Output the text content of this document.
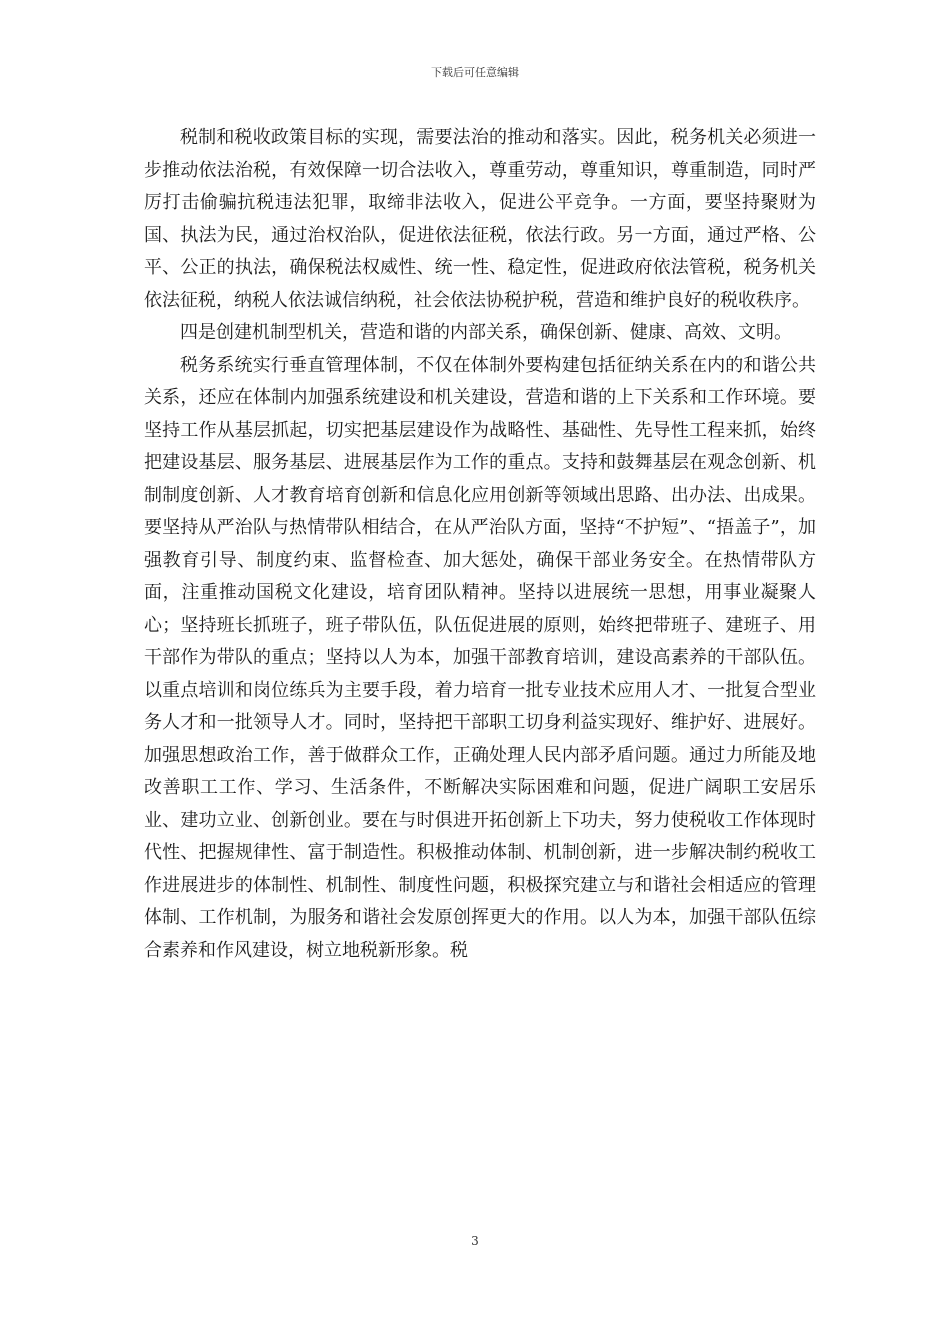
下载后可任意编辑

税制和税收政策目标的实现，需要法治的推动和落实。因此，税务机关必须进一步推动依法治税，有效保障一切合法收入，尊重劳动，尊重知识，尊重制造，同时严厉打击偷骗抗税违法犯罪，取缔非法收入，促进公平竞争。一方面，要坚持聚财为国、执法为民，通过治权治队，促进依法征税，依法行政。另一方面，通过严格、公平、公正的执法，确保税法权威性、统一性、稳定性，促进政府依法管税，税务机关依法征税，纳税人依法诚信纳税，社会依法协税护税，营造和维护良好的税收秩序。

四是创建机制型机关，营造和谐的内部关系，确保创新、健康、高效、文明。

税务系统实行垂直管理体制，不仅在体制外要构建包括征纳关系在内的和谐公共关系，还应在体制内加强系统建设和机关建设，营造和谐的上下关系和工作环境。要坚持工作从基层抓起，切实把基层建设作为战略性、基础性、先导性工程来抓，始终把建设基层、服务基层、进展基层作为工作的重点。支持和鼓舞基层在观念创新、机制制度创新、人才教育培育创新和信息化应用创新等领域出思路、出办法、出成果。要坚持从严治队与热情带队相结合，在从严治队方面，坚持“不护短”、“捂盖子”，加强教育引导、制度约束、监督检查、加大惩处，确保干部业务安全。在热情带队方面，注重推动国税文化建设，培育团队精神。坚持以进展统一思想，用事业凝聚人心；坚持班长抓班子，班子带队伍，队伍促进展的原则，始终把带班子、建班子、用干部作为带队的重点；坚持以人为本，加强干部教育培训，建设高素养的干部队伍。以重点培训和岗位练兵为主要手段，着力培育一批专业技术应用人才、一批复合型业务人才和一批领导人才。同时，坚持把干部职工切身利益实现好、维护好、进展好。加强思想政治工作，善于做群众工作，正确处理人民内部矛盾问题。通过力所能及地改善职工工作、学习、生活条件，不断解决实际困难和问题，促进广阔职工安居乐业、建功立业、创新创业。要在与时俱进开拓创新上下功夫，努力使税收工作体现时代性、把握规律性、富于制造性。积极推动体制、机制创新，进一步解决制约税收工作进展进步的体制性、机制性、制度性问题，积极探究建立与和谐社会相适应的管理体制、工作机制，为服务和谐社会发原创挥更大的作用。以人为本，加强干部队伍综合素养和作风建设，树立地税新形象。税

3
